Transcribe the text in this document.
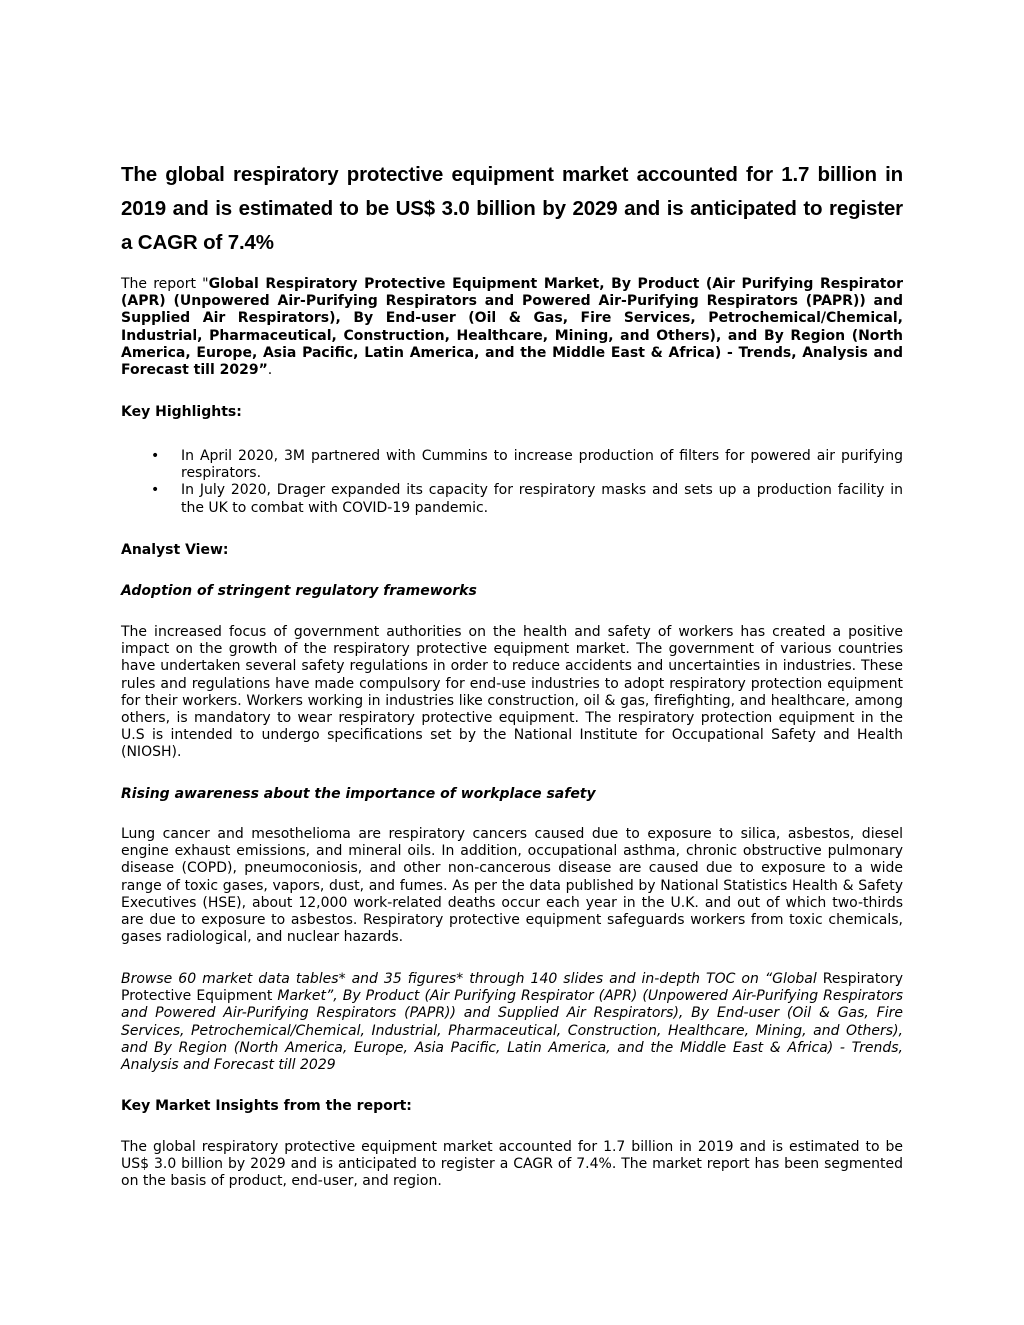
The global respiratory protective equipment market accounted for 1.7 billion in 2019 and is estimated to be US$ 3.0 billion by 2029 and is anticipated to register a CAGR of 7.4%

The report "Global Respiratory Protective Equipment Market, By Product (Air Purifying Respirator (APR) (Unpowered Air-Purifying Respirators and Powered Air-Purifying Respirators (PAPR)) and Supplied Air Respirators), By End-user (Oil & Gas, Fire Services, Petrochemical/Chemical, Industrial, Pharmaceutical, Construction, Healthcare, Mining, and Others), and By Region (North America, Europe, Asia Pacific, Latin America, and the Middle East & Africa) - Trends, Analysis and Forecast till 2029”.

Key Highlights:
• In April 2020, 3M partnered with Cummins to increase production of filters for powered air purifying respirators.
• In July 2020, Drager expanded its capacity for respiratory masks and sets up a production facility in the UK to combat with COVID-19 pandemic.
Analyst View:
Adoption of stringent regulatory frameworks

The increased focus of government authorities on the health and safety of workers has created a positive impact on the growth of the respiratory protective equipment market. The government of various countries have undertaken several safety regulations in order to reduce accidents and uncertainties in industries. These rules and regulations have made compulsory for end-use industries to adopt respiratory protection equipment for their workers. Workers working in industries like construction, oil & gas, firefighting, and healthcare, among others, is mandatory to wear respiratory protective equipment. The respiratory protection equipment in the U.S is intended to undergo specifications set by the National Institute for Occupational Safety and Health (NIOSH).

Rising awareness about the importance of workplace safety

Lung cancer and mesothelioma are respiratory cancers caused due to exposure to silica, asbestos, diesel engine exhaust emissions, and mineral oils. In addition, occupational asthma, chronic obstructive pulmonary disease (COPD), pneumoconiosis, and other non-cancerous disease are caused due to exposure to a wide range of toxic gases, vapors, dust, and fumes. As per the data published by National Statistics Health & Safety Executives (HSE), about 12,000 work-related deaths occur each year in the U.K. and out of which two-thirds are due to exposure to asbestos. Respiratory protective equipment safeguards workers from toxic chemicals, gases radiological, and nuclear hazards.

Browse 60 market data tables* and 35 figures* through 140 slides and in-depth TOC on “Global Respiratory Protective Equipment Market”, By Product (Air Purifying Respirator (APR) (Unpowered Air-Purifying Respirators and Powered Air-Purifying Respirators (PAPR)) and Supplied Air Respirators), By End-user (Oil & Gas, Fire Services, Petrochemical/Chemical, Industrial, Pharmaceutical, Construction, Healthcare, Mining, and Others), and By Region (North America, Europe, Asia Pacific, Latin America, and the Middle East & Africa) - Trends, Analysis and Forecast till 2029

Key Market Insights from the report:

The global respiratory protective equipment market accounted for 1.7 billion in 2019 and is estimated to be US$ 3.0 billion by 2029 and is anticipated to register a CAGR of 7.4%. The market report has been segmented on the basis of product, end-user, and region.
